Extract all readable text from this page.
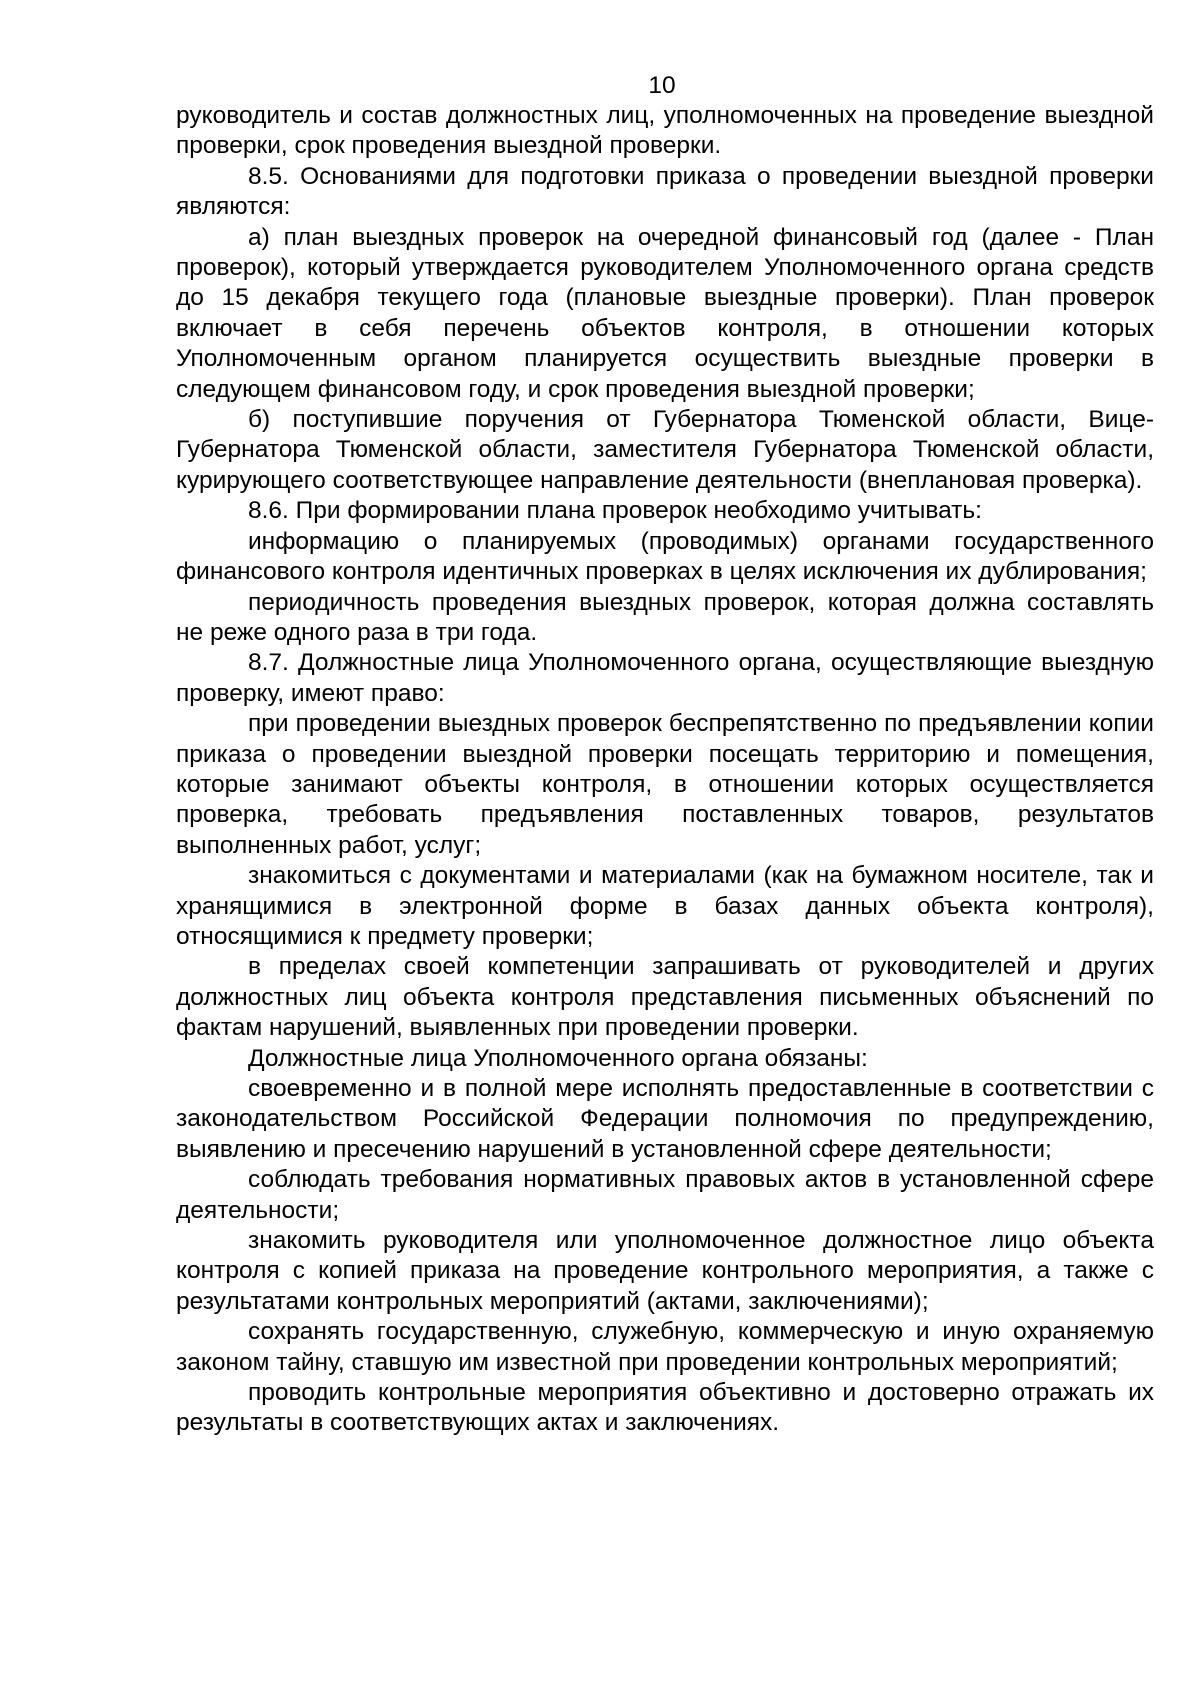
10

руководитель и состав должностных лиц, уполномоченных на проведение выездной проверки, срок проведения выездной проверки.

8.5. Основаниями для подготовки приказа о проведении выездной проверки являются:

а) план выездных проверок на очередной финансовый год (далее - План проверок), который утверждается руководителем Уполномоченного органа средств до 15 декабря текущего года (плановые выездные проверки). План проверок включает в себя перечень объектов контроля, в отношении которых Уполномоченным органом планируется осуществить выездные проверки в следующем финансовом году, и срок проведения выездной проверки;

б) поступившие поручения от Губернатора Тюменской области, Вице-Губернатора Тюменской области, заместителя Губернатора Тюменской области, курирующего соответствующее направление деятельности (внеплановая проверка).

8.6. При формировании плана проверок необходимо учитывать:

информацию о планируемых (проводимых) органами государственного финансового контроля идентичных проверках в целях исключения их дублирования;

периодичность проведения выездных проверок, которая должна составлять не реже одного раза в три года.

8.7. Должностные лица Уполномоченного органа, осуществляющие выездную проверку, имеют право:

при проведении выездных проверок беспрепятственно по предъявлении копии приказа о проведении выездной проверки посещать территорию и помещения, которые занимают объекты контроля, в отношении которых осуществляется проверка, требовать предъявления поставленных товаров, результатов выполненных работ, услуг;

знакомиться с документами и материалами (как на бумажном носителе, так и хранящимися в электронной форме в базах данных объекта контроля), относящимися к предмету проверки;

в пределах своей компетенции запрашивать от руководителей и других должностных лиц объекта контроля представления письменных объяснений по фактам нарушений, выявленных при проведении проверки.

Должностные лица Уполномоченного органа обязаны:

своевременно и в полной мере исполнять предоставленные в соответствии с законодательством Российской Федерации полномочия по предупреждению, выявлению и пресечению нарушений в установленной сфере деятельности;

соблюдать требования нормативных правовых актов в установленной сфере деятельности;

знакомить руководителя или уполномоченное должностное лицо объекта контроля с копией приказа на проведение контрольного мероприятия, а также с результатами контрольных мероприятий (актами, заключениями);

сохранять государственную, служебную, коммерческую и иную охраняемую законом тайну, ставшую им известной при проведении контрольных мероприятий;

проводить контрольные мероприятия объективно и достоверно отражать их результаты в соответствующих актах и заключениях.
